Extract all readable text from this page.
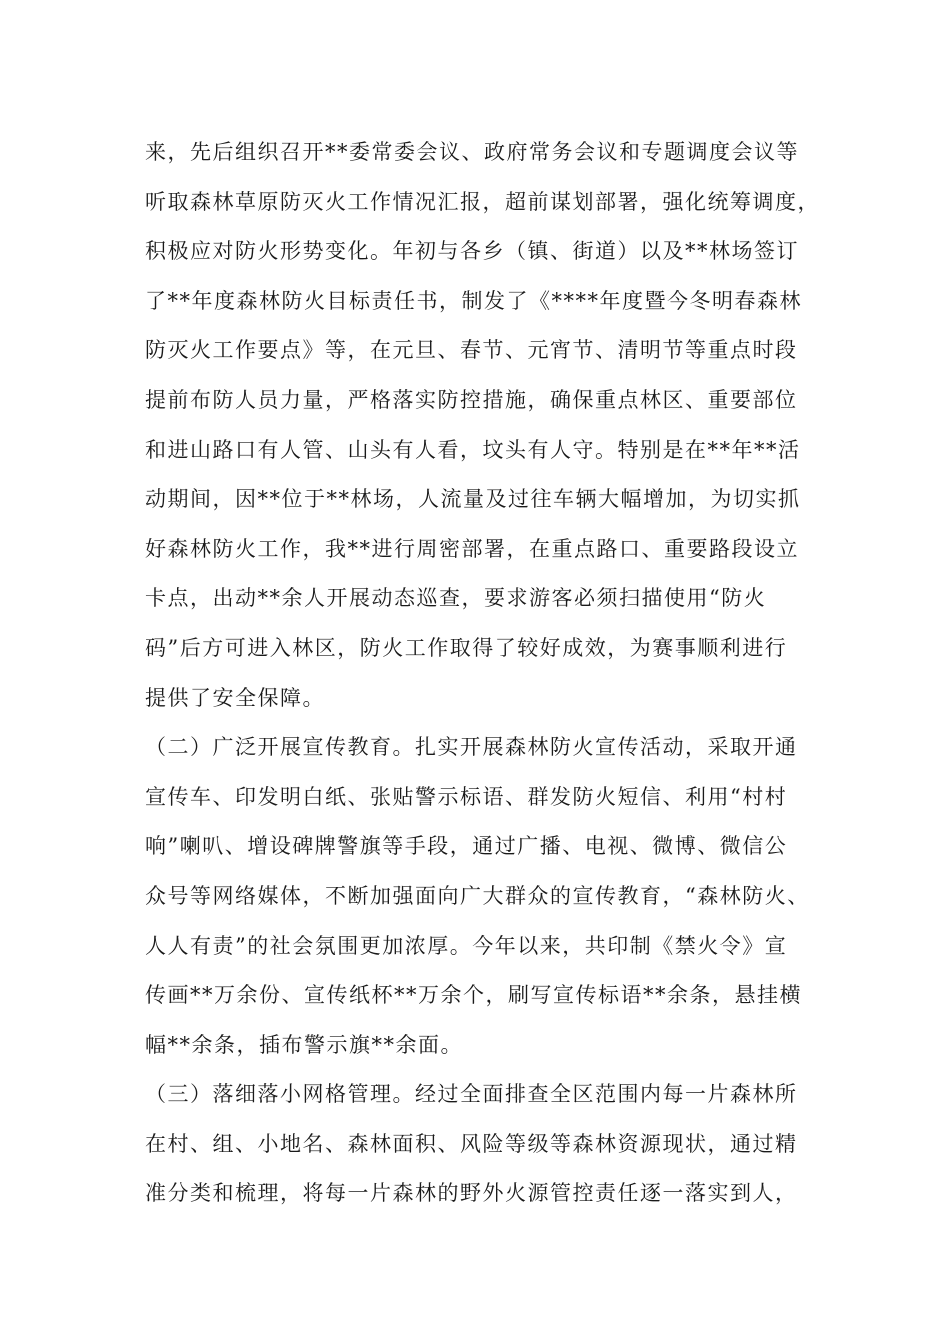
来，先后组织召开**委常委会议、政府常务会议和专题调度会议等
听取森林草原防灭火工作情况汇报，超前谋划部署，强化统筹调度，
积极应对防火形势变化。年初与各乡（镇、街道）以及**林场签订
了**年度森林防火目标责任书，制发了《****年度暨今冬明春森林
防灭火工作要点》等，在元旦、春节、元宵节、清明节等重点时段
提前布防人员力量，严格落实防控措施，确保重点林区、重要部位
和进山路口有人管、山头有人看，坟头有人守。特别是在**年**活
动期间，因**位于**林场，人流量及过往车辆大幅增加，为切实抓
好森林防火工作，我**进行周密部署，在重点路口、重要路段设立
卡点，出动**余人开展动态巡查，要求游客必须扫描使用“防火
码”后方可进入林区，防火工作取得了较好成效，为赛事顺利进行
提供了安全保障。
（二）广泛开展宣传教育。扎实开展森林防火宣传活动，采取开通
宣传车、印发明白纸、张贴警示标语、群发防火短信、利用“村村
响”喇叭、增设碑牌警旗等手段，通过广播、电视、微博、微信公
众号等网络媒体，不断加强面向广大群众的宣传教育，“森林防火、
人人有责”的社会氛围更加浓厚。今年以来，共印制《禁火令》宣
传画**万余份、宣传纸杯**万余个，刷写宣传标语**余条，悬挂横
幅**余条，插布警示旗**余面。
（三）落细落小网格管理。经过全面排查全区范围内每一片森林所
在村、组、小地名、森林面积、风险等级等森林资源现状，通过精
准分类和梳理，将每一片森林的野外火源管控责任逐一落实到人，
